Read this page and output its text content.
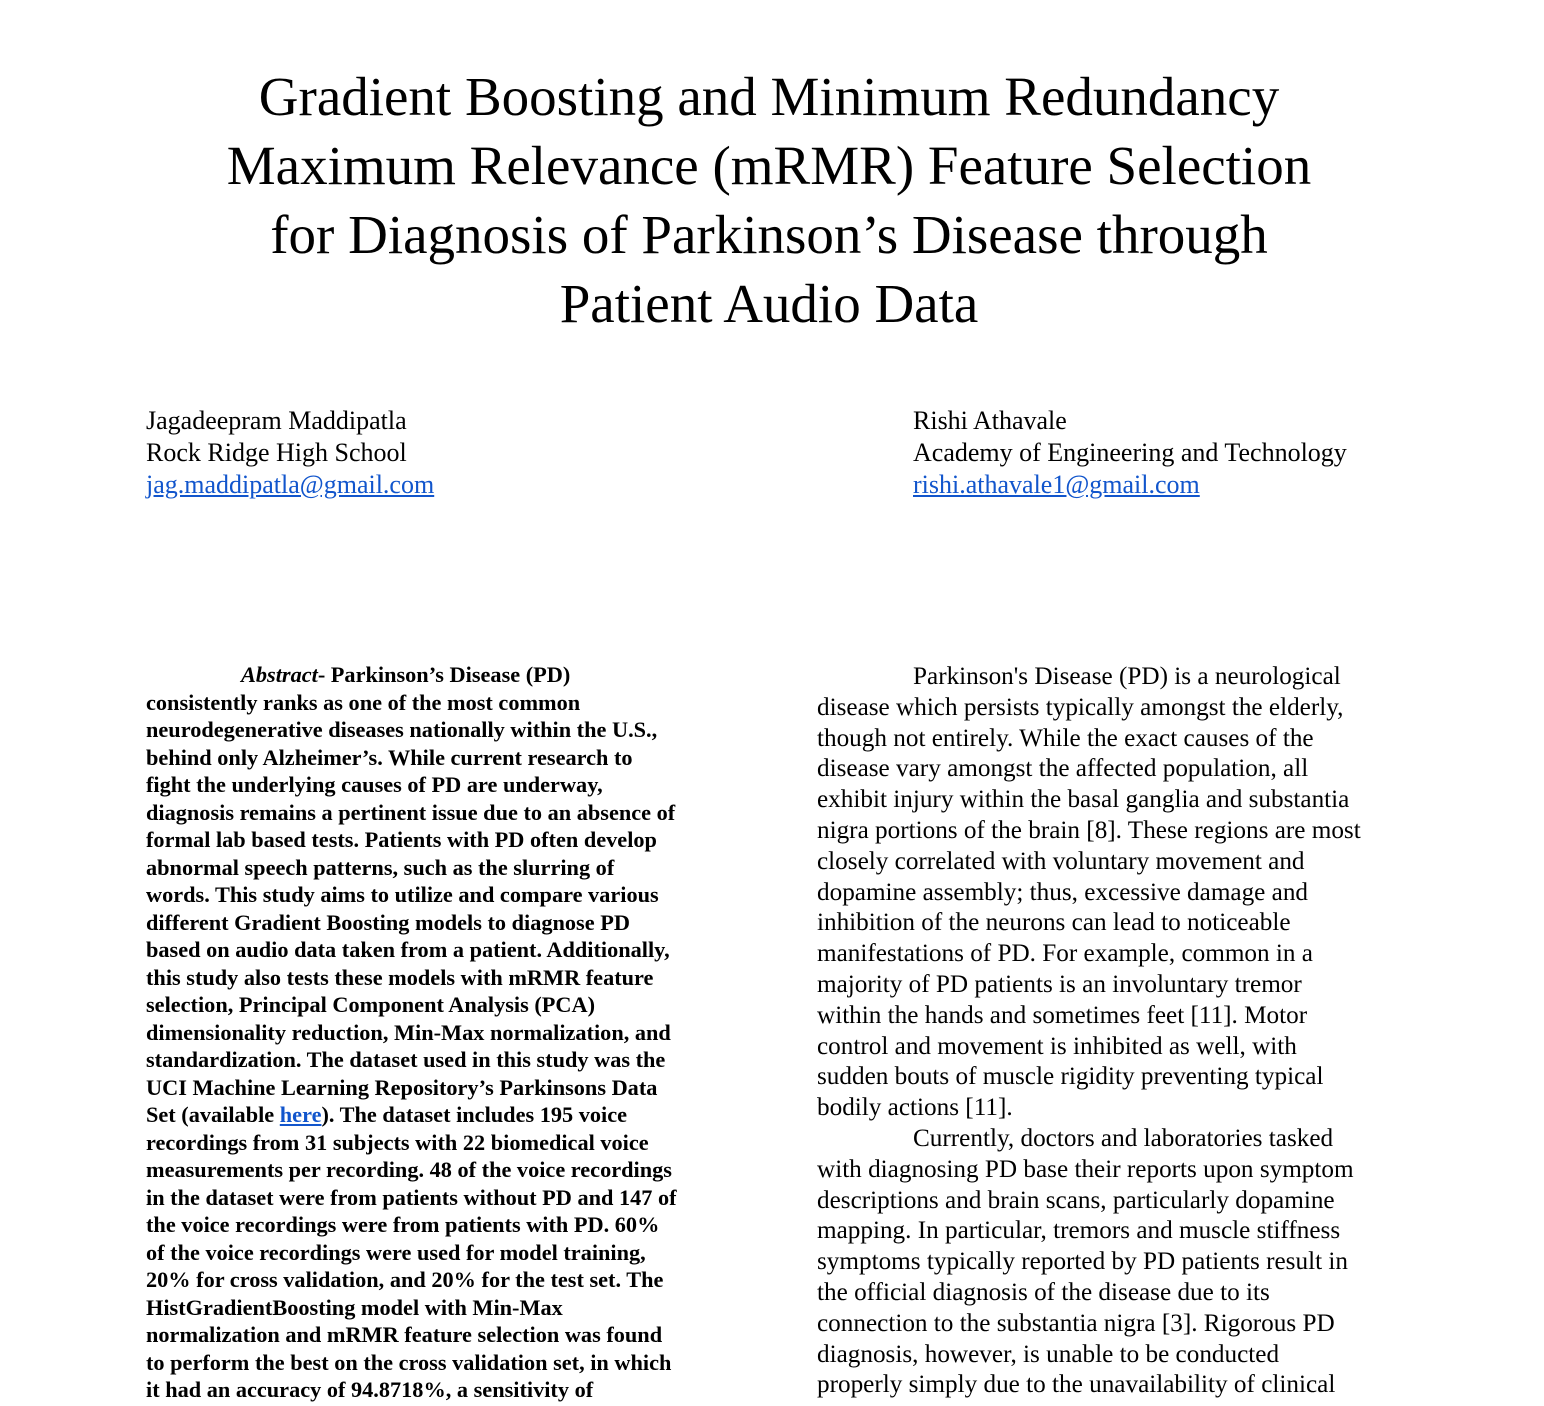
Gradient Boosting and Minimum Redundancy
Maximum Relevance (mRMR) Feature Selection
for Diagnosis of Parkinson’s Disease through
Patient Audio Data
Jagadeepram Maddipatla
Rock Ridge High School
jag.maddipatla@gmail.com
Rishi Athavale
Academy of Engineering and Technology
rishi.athavale1@gmail.com
Abstract- Parkinson’s Disease (PD)
consistently ranks as one of the most common
neurodegenerative diseases nationally within the U.S.,
behind only Alzheimer’s. While current research to
fight the underlying causes of PD are underway,
diagnosis remains a pertinent issue due to an absence of
formal lab based tests. Patients with PD often develop
abnormal speech patterns, such as the slurring of
words. This study aims to utilize and compare various
different Gradient Boosting models to diagnose PD
based on audio data taken from a patient. Additionally,
this study also tests these models with mRMR feature
selection, Principal Component Analysis (PCA)
dimensionality reduction, Min-Max normalization, and
standardization. The dataset used in this study was the
UCI Machine Learning Repository’s Parkinsons Data
Set (available here). The dataset includes 195 voice
recordings from 31 subjects with 22 biomedical voice
measurements per recording. 48 of the voice recordings
in the dataset were from patients without PD and 147 of
the voice recordings were from patients with PD. 60%
of the voice recordings were used for model training,
20% for cross validation, and 20% for the test set. The
HistGradientBoosting model with Min-Max
normalization and mRMR feature selection was found
to perform the best on the cross validation set, in which
it had an accuracy of 94.8718%, a sensitivity of
Parkinson's Disease (PD) is a neurological
disease which persists typically amongst the elderly,
though not entirely. While the exact causes of the
disease vary amongst the affected population, all
exhibit injury within the basal ganglia and substantia
nigra portions of the brain [8]. These regions are most
closely correlated with voluntary movement and
dopamine assembly; thus, excessive damage and
inhibition of the neurons can lead to noticeable
manifestations of PD. For example, common in a
majority of PD patients is an involuntary tremor
within the hands and sometimes feet [11]. Motor
control and movement is inhibited as well, with
sudden bouts of muscle rigidity preventing typical
bodily actions [11].
Currently, doctors and laboratories tasked
with diagnosing PD base their reports upon symptom
descriptions and brain scans, particularly dopamine
mapping. In particular, tremors and muscle stiffness
symptoms typically reported by PD patients result in
the official diagnosis of the disease due to its
connection to the substantia nigra [3]. Rigorous PD
diagnosis, however, is unable to be conducted
properly simply due to the unavailability of clinical
